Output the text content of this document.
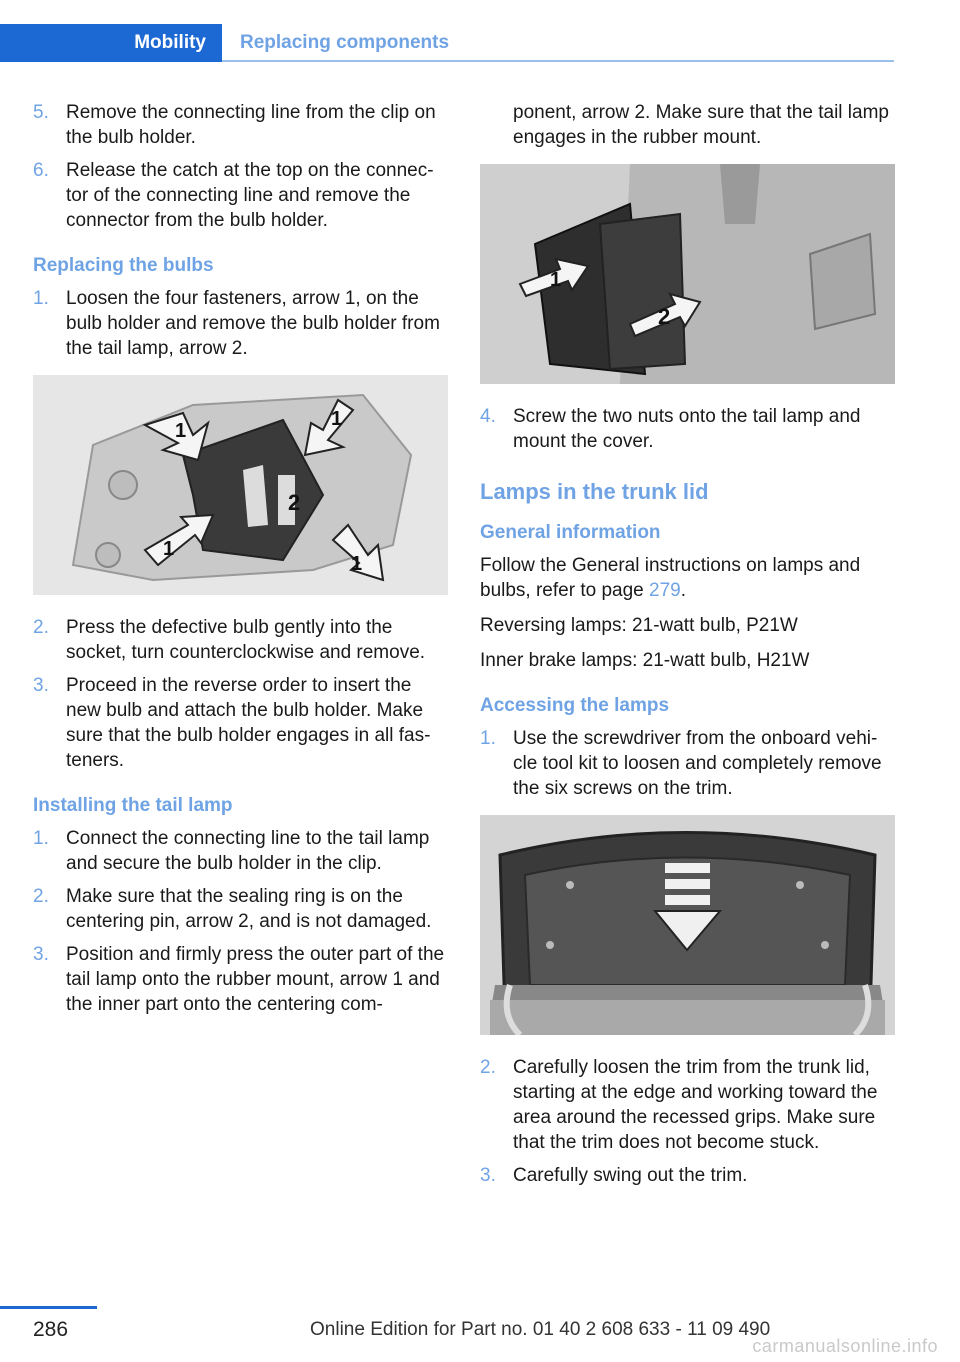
Mobility Replacing components
5. Remove the connecting line from the clip on the bulb holder.
6. Release the catch at the top on the connec‐tor of the connecting line and remove the connector from the bulb holder.
Replacing the bulbs
1. Loosen the four fasteners, arrow 1, on the bulb holder and remove the bulb holder from the tail lamp, arrow 2.
1
1
2
1
1
2. Press the defective bulb gently into the socket, turn counterclockwise and remove.
3. Proceed in the reverse order to insert the new bulb and attach the bulb holder. Make sure that the bulb holder engages in all fas‐teners.
Installing the tail lamp
1. Connect the connecting line to the tail lamp and secure the bulb holder in the clip.
2. Make sure that the sealing ring is on the centering pin, arrow 2, and is not damaged.
3. Position and firmly press the outer part of the tail lamp onto the rubber mount, arrow 1 and the inner part onto the centering com‐
ponent, arrow 2. Make sure that the tail lamp engages in the rubber mount.
1
2
4. Screw the two nuts onto the tail lamp and mount the cover.
Lamps in the trunk lid
General information

Follow the General instructions on lamps and bulbs, refer to page 279.

Reversing lamps: 21-watt bulb, P21W

Inner brake lamps: 21-watt bulb, H21W

Accessing the lamps
1. Use the screwdriver from the onboard vehi‐cle tool kit to loosen and completely remove the six screws on the trim.
2. Carefully loosen the trim from the trunk lid, starting at the edge and working toward the area around the recessed grips. Make sure that the trim does not become stuck.
3. Carefully swing out the trim.
286	Online Edition for Part no. 01 40 2 608 633 - 11 09 490
carmanualsonline.info
